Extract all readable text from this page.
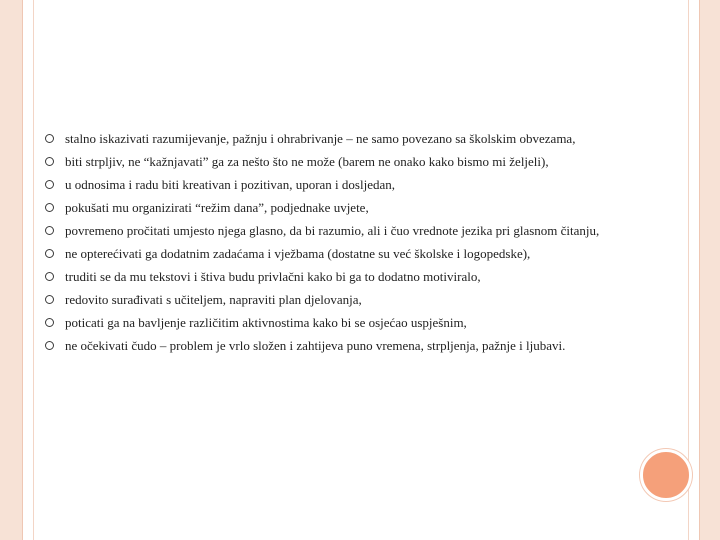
stalno iskazivati razumijevanje, pažnju i ohrabrivanje – ne samo povezano sa školskim obvezama,
biti strpljiv, ne “kažnjavati” ga za nešto što ne može (barem ne onako kako bismo mi željeli),
u odnosima i radu biti kreativan i pozitivan, uporan i dosljedan,
pokušati mu organizirati “režim dana”, podjednake uvjete,
povremeno pročitati umjesto njega glasno, da bi razumio, ali i čuo vrednote jezika pri glasnom čitanju,
ne opterećivati ga dodatnim zadaćama i vježbama (dostatne su već školske i logopedske),
truditi se da mu tekstovi i štiva budu privlačni kako bi ga to dodatno motiviralo,
redovito surađivati s učiteljem, napraviti plan djelovanja,
poticati ga na bavljenje različitim aktivnostima kako bi se osjećao uspješnim,
ne očekivati čudo – problem je vrlo složen i zahtijeva puno vremena, strpljenja, pažnje i ljubavi.
